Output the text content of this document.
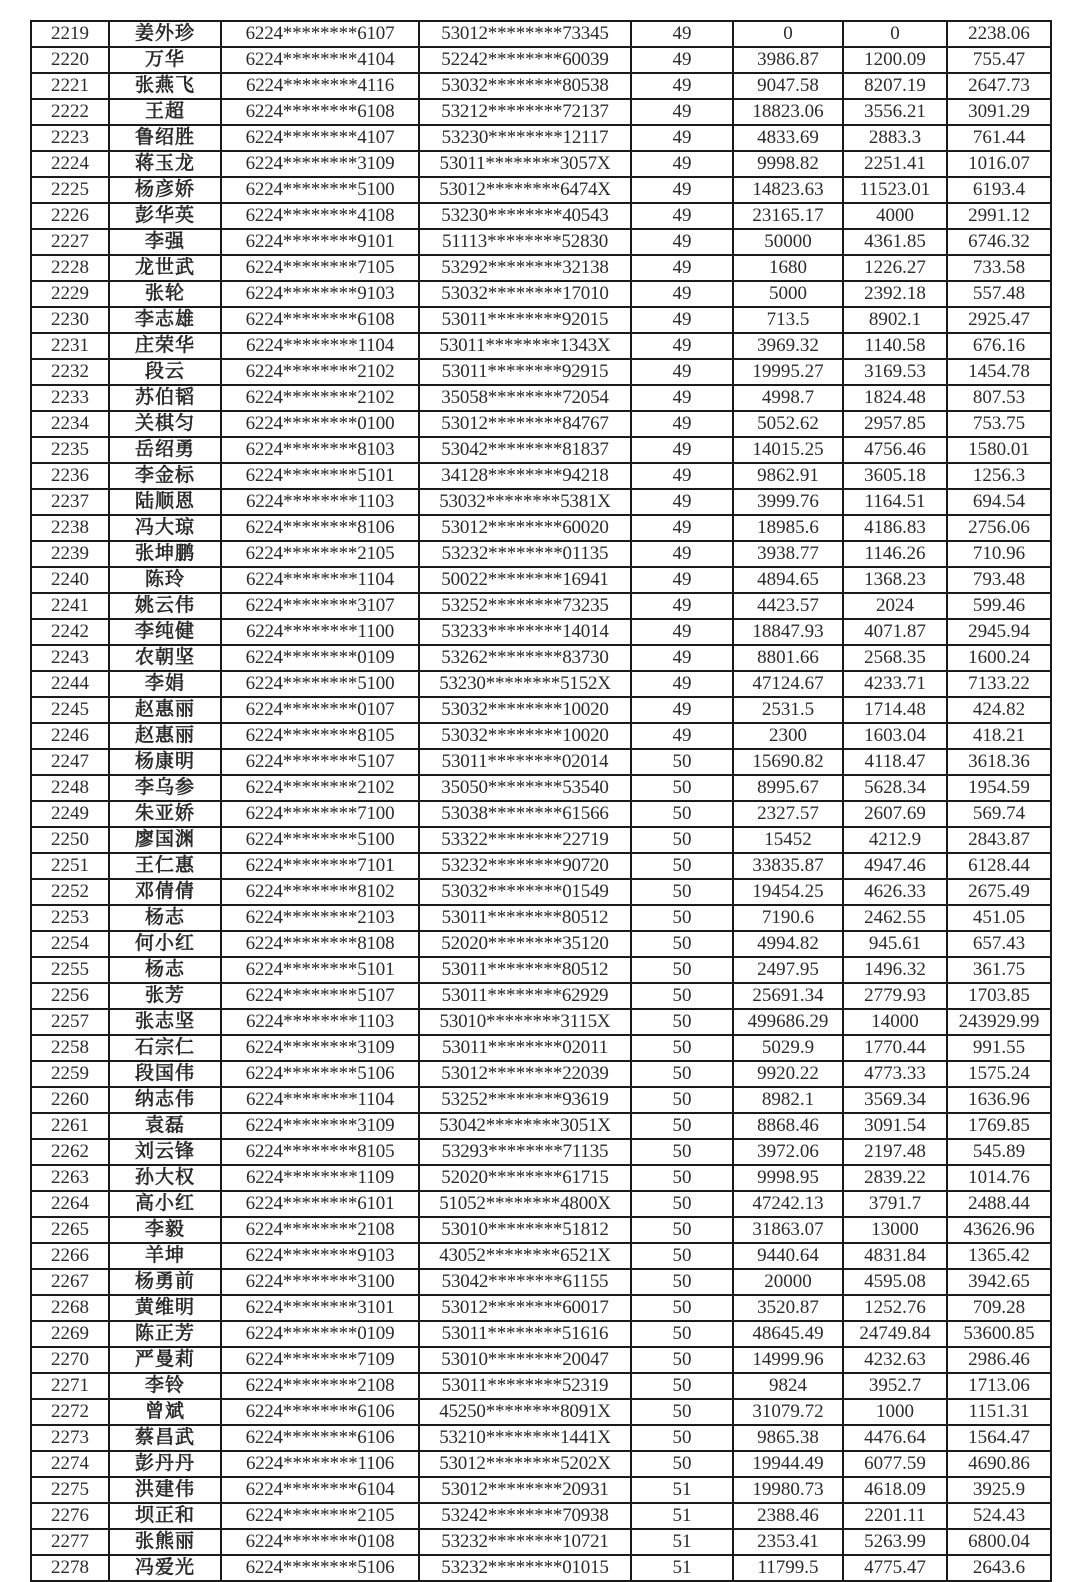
2219	姜外珍	6224********6107	53012********73345	49	0	0	2238.06
2220	万华	6224********4104	52242********60039	49	3986.87	1200.09	755.47
2221	张燕飞	6224********4116	53032********80538	49	9047.58	8207.19	2647.73
2222	王超	6224********6108	53212********72137	49	18823.06	3556.21	3091.29
2223	鲁绍胜	6224********4107	53230********12117	49	4833.69	2883.3	761.44
2224	蒋玉龙	6224********3109	53011********3057X	49	9998.82	2251.41	1016.07
2225	杨彦娇	6224********5100	53012********6474X	49	14823.63	11523.01	6193.4
2226	彭华英	6224********4108	53230********40543	49	23165.17	4000	2991.12
2227	李强	6224********9101	51113********52830	49	50000	4361.85	6746.32
2228	龙世武	6224********7105	53292********32138	49	1680	1226.27	733.58
2229	张轮	6224********9103	53032********17010	49	5000	2392.18	557.48
2230	李志雄	6224********6108	53011********92015	49	713.5	8902.1	2925.47
2231	庄荣华	6224********1104	53011********1343X	49	3969.32	1140.58	676.16
2232	段云	6224********2102	53011********92915	49	19995.27	3169.53	1454.78
2233	苏伯韬	6224********2102	35058********72054	49	4998.7	1824.48	807.53
2234	关棋匀	6224********0100	53012********84767	49	5052.62	2957.85	753.75
2235	岳绍勇	6224********8103	53042********81837	49	14015.25	4756.46	1580.01
2236	李金标	6224********5101	34128********94218	49	9862.91	3605.18	1256.3
2237	陆顺恩	6224********1103	53032********5381X	49	3999.76	1164.51	694.54
2238	冯大琼	6224********8106	53012********60020	49	18985.6	4186.83	2756.06
2239	张坤鹏	6224********2105	53232********01135	49	3938.77	1146.26	710.96
2240	陈玲	6224********1104	50022********16941	49	4894.65	1368.23	793.48
2241	姚云伟	6224********3107	53252********73235	49	4423.57	2024	599.46
2242	李纯健	6224********1100	53233********14014	49	18847.93	4071.87	2945.94
2243	农朝坚	6224********0109	53262********83730	49	8801.66	2568.35	1600.24
2244	李娟	6224********5100	53230********5152X	49	47124.67	4233.71	7133.22
2245	赵惠丽	6224********0107	53032********10020	49	2531.5	1714.48	424.82
2246	赵惠丽	6224********8105	53032********10020	49	2300	1603.04	418.21
2247	杨康明	6224********5107	53011********02014	50	15690.82	4118.47	3618.36
2248	李乌参	6224********2102	35050********53540	50	8995.67	5628.34	1954.59
2249	朱亚娇	6224********7100	53038********61566	50	2327.57	2607.69	569.74
2250	廖国渊	6224********5100	53322********22719	50	15452	4212.9	2843.87
2251	王仁惠	6224********7101	53232********90720	50	33835.87	4947.46	6128.44
2252	邓倩倩	6224********8102	53032********01549	50	19454.25	4626.33	2675.49
2253	杨志	6224********2103	53011********80512	50	7190.6	2462.55	451.05
2254	何小红	6224********8108	52020********35120	50	4994.82	945.61	657.43
2255	杨志	6224********5101	53011********80512	50	2497.95	1496.32	361.75
2256	张芳	6224********5107	53011********62929	50	25691.34	2779.93	1703.85
2257	张志坚	6224********1103	53010********3115X	50	499686.29	14000	243929.99
2258	石宗仁	6224********3109	53011********02011	50	5029.9	1770.44	991.55
2259	段国伟	6224********5106	53012********22039	50	9920.22	4773.33	1575.24
2260	纳志伟	6224********1104	53252********93619	50	8982.1	3569.34	1636.96
2261	袁磊	6224********3109	53042********3051X	50	8868.46	3091.54	1769.85
2262	刘云锋	6224********8105	53293********71135	50	3972.06	2197.48	545.89
2263	孙大权	6224********1109	52020********61715	50	9998.95	2839.22	1014.76
2264	高小红	6224********6101	51052********4800X	50	47242.13	3791.7	2488.44
2265	李毅	6224********2108	53010********51812	50	31863.07	13000	43626.96
2266	羊坤	6224********9103	43052********6521X	50	9440.64	4831.84	1365.42
2267	杨勇前	6224********3100	53042********61155	50	20000	4595.08	3942.65
2268	黄维明	6224********3101	53012********60017	50	3520.87	1252.76	709.28
2269	陈正芳	6224********0109	53011********51616	50	48645.49	24749.84	53600.85
2270	严曼莉	6224********7109	53010********20047	50	14999.96	4232.63	2986.46
2271	李铃	6224********2108	53011********52319	50	9824	3952.7	1713.06
2272	曾斌	6224********6106	45250********8091X	50	31079.72	1000	1151.31
2273	蔡昌武	6224********6106	53210********1441X	50	9865.38	4476.64	1564.47
2274	彭丹丹	6224********1106	53012********5202X	50	19944.49	6077.59	4690.86
2275	洪建伟	6224********6104	53012********20931	51	19980.73	4618.09	3925.9
2276	坝正和	6224********2105	53242********70938	51	2388.46	2201.11	524.43
2277	张熊丽	6224********0108	53232********10721	51	2353.41	5263.99	6800.04
2278	冯爱光	6224********5106	53232********01015	51	11799.5	4775.47	2643.6
